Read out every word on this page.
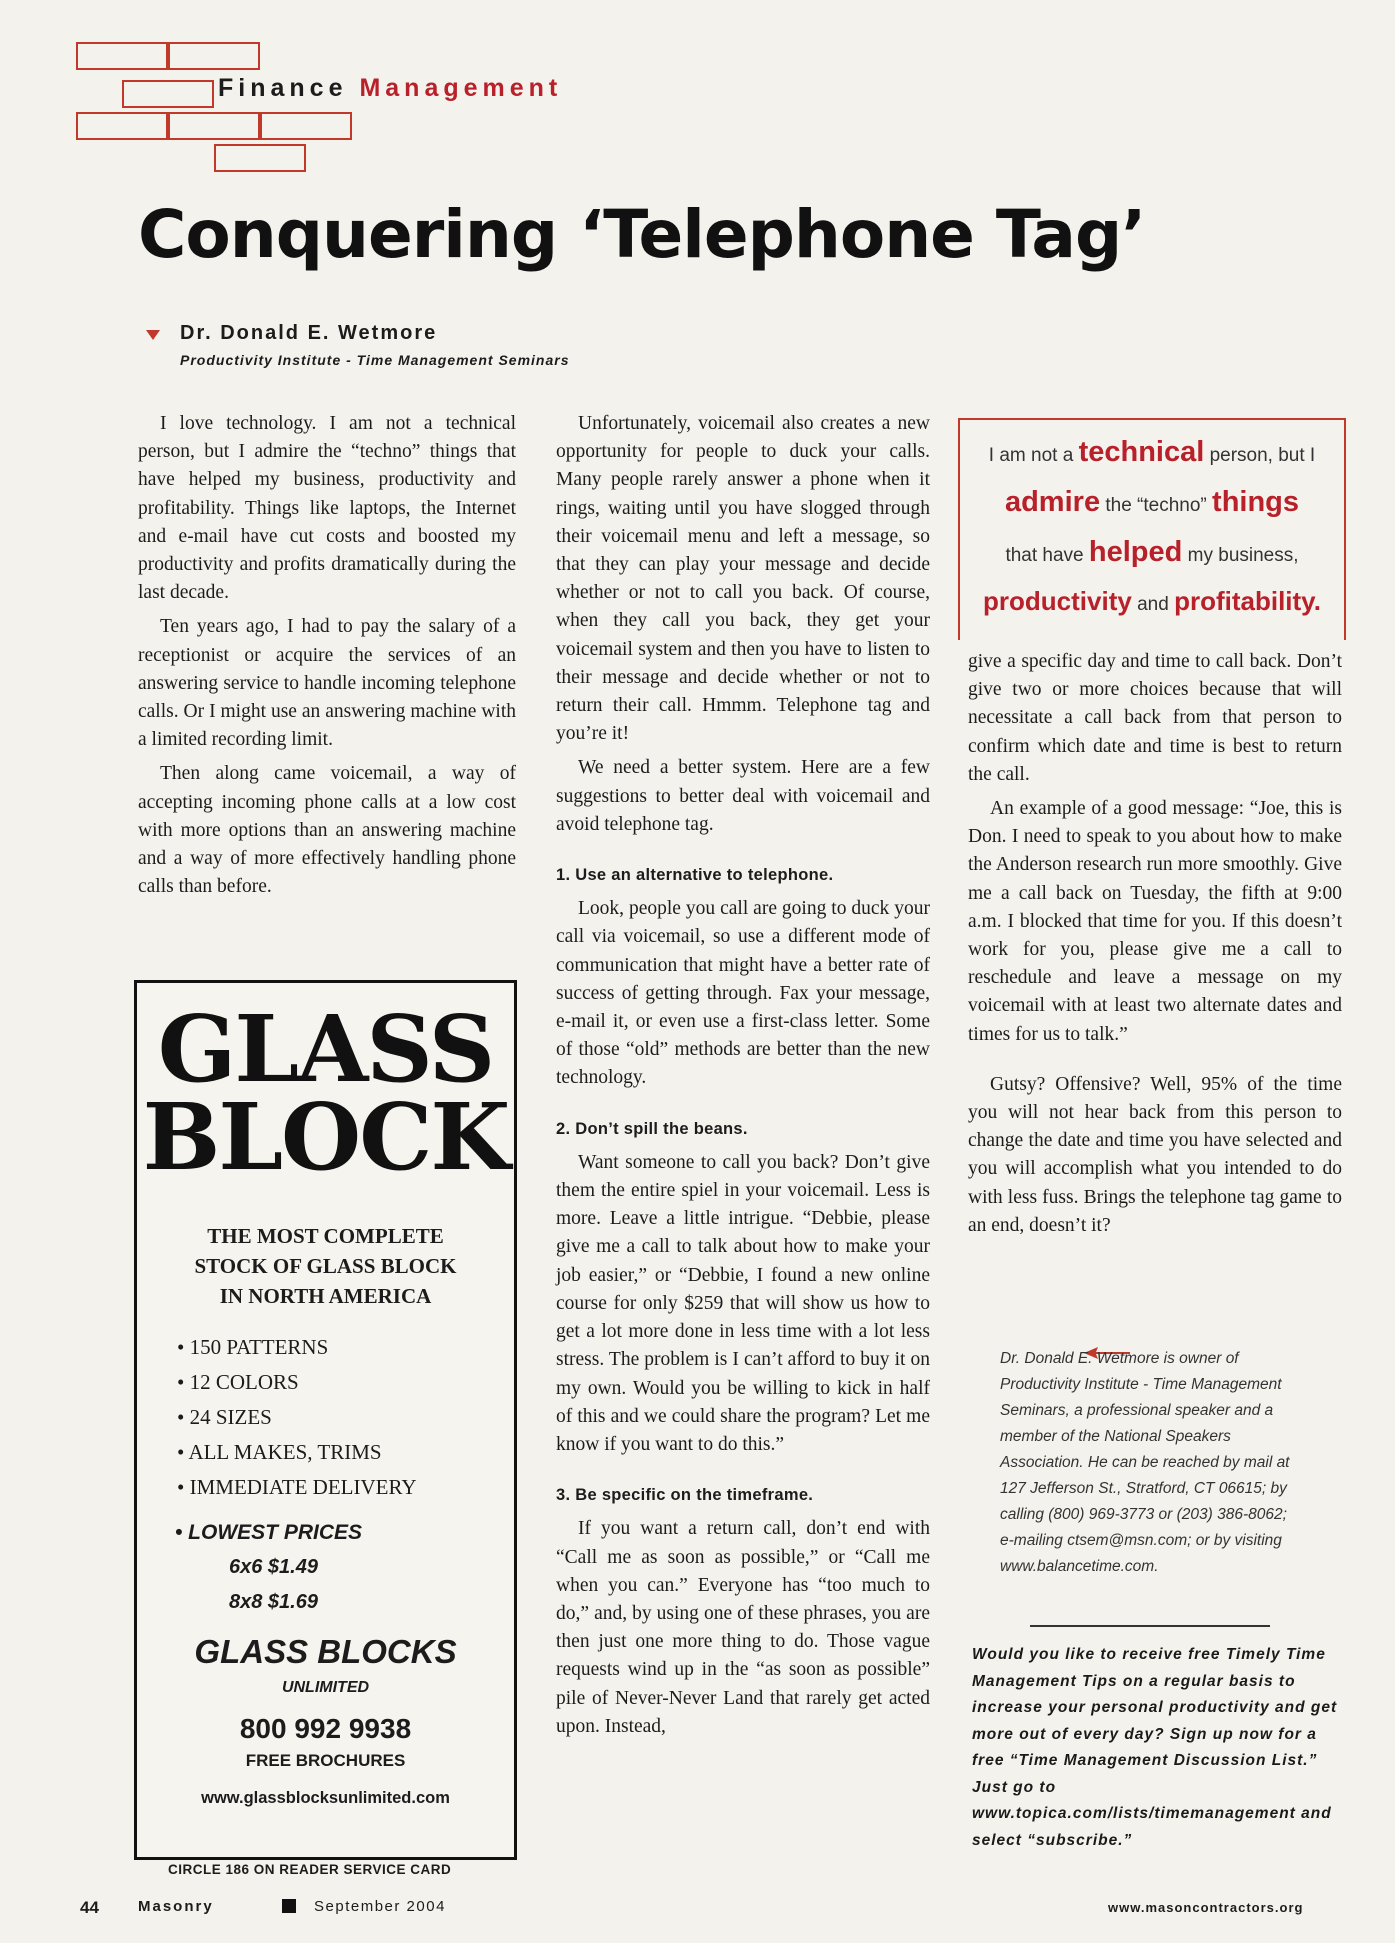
Finance Management
Conquering ‘Telephone Tag’
Dr. Donald E. Wetmore
Productivity Institute - Time Management Seminars

I love technology. I am not a technical person, but I admire the “techno” things that have helped my business, productivity and profitability. Things like laptops, the Internet and e-mail have cut costs and boosted my productivity and profits dramatically during the last decade.

Ten years ago, I had to pay the salary of a receptionist or acquire the services of an answering service to handle incoming telephone calls. Or I might use an answering machine with a limited recording limit.

Then along came voicemail, a way of accepting incoming phone calls at a low cost with more options than an answering machine and a way of more effectively handling phone calls than before.

GLASS
BLOCK
THE MOST COMPLETE
STOCK OF GLASS BLOCK
IN NORTH AMERICA
• 150 PATTERNS
• 12 COLORS
• 24 SIZES
• ALL MAKES, TRIMS
• IMMEDIATE DELIVERY
• LOWEST PRICES
6x6 $1.49
8x8 $1.69
GLASS BLOCKS
UNLIMITED
800 992 9938
FREE BROCHURES
www.glassblocksunlimited.com
CIRCLE 186 ON READER SERVICE CARD

Unfortunately, voicemail also creates a new opportunity for people to duck your calls. Many people rarely answer a phone when it rings, waiting until you have slogged through their voicemail menu and left a message, so that they can play your message and decide whether or not to call you back. Of course, when they call you back, they get your voicemail system and then you have to listen to their message and decide whether or not to return their call. Hmmm. Telephone tag and you’re it!

We need a better system. Here are a few suggestions to better deal with voicemail and avoid telephone tag.

1. Use an alternative to telephone.

Look, people you call are going to duck your call via voicemail, so use a different mode of communication that might have a better rate of success of getting through. Fax your message, e-mail it, or even use a first-class letter. Some of those “old” methods are better than the new technology.

2. Don’t spill the beans.

Want someone to call you back? Don’t give them the entire spiel in your voicemail. Less is more. Leave a little intrigue. “Debbie, please give me a call to talk about how to make your job easier,” or “Debbie, I found a new online course for only $259 that will show us how to get a lot more done in less time with a lot less stress. The problem is I can’t afford to buy it on my own. Would you be willing to kick in half of this and we could share the program? Let me know if you want to do this.”

3. Be specific on the timeframe.

If you want a return call, don’t end with “Call me as soon as possible,” or “Call me when you can.” Everyone has “too much to do,” and, by using one of these phrases, you are then just one more thing to do. Those vague requests wind up in the “as soon as possible” pile of Never-Never Land that rarely get acted upon. Instead,

I am not a technical person, but I
admire the “techno” things
that have helped my business,
productivity and profitability.

give a specific day and time to call back. Don’t give two or more choices because that will necessitate a call back from that person to confirm which date and time is best to return the call.

An example of a good message: “Joe, this is Don. I need to speak to you about how to make the Anderson research run more smoothly. Give me a call back on Tuesday, the fifth at 9:00 a.m. I blocked that time for you. If this doesn’t work for you, please give me a call to reschedule and leave a message on my voicemail with at least two alternate dates and times for us to talk.”

Gutsy? Offensive? Well, 95% of the time you will not hear back from this person to change the date and time you have selected and you will accomplish what you intended to do with less fuss. Brings the telephone tag game to an end, doesn’t it?

Dr. Donald E. Wetmore is owner of Productivity Institute - Time Management Seminars, a professional speaker and a member of the National Speakers Association. He can be reached by mail at 127 Jefferson St., Stratford, CT 06615; by calling (800) 969-3773 or (203) 386-8062; e-mailing ctsem@msn.com; or by visiting www.balancetime.com.
Would you like to receive free Timely Time Management Tips on a regular basis to increase your personal productivity and get more out of every day? Sign up now for a free “Time Management Discussion List.” Just go to www.topica.com/lists/timemanagement and select “subscribe.”
44	Masonry	September 2004	www.masoncontractors.org
